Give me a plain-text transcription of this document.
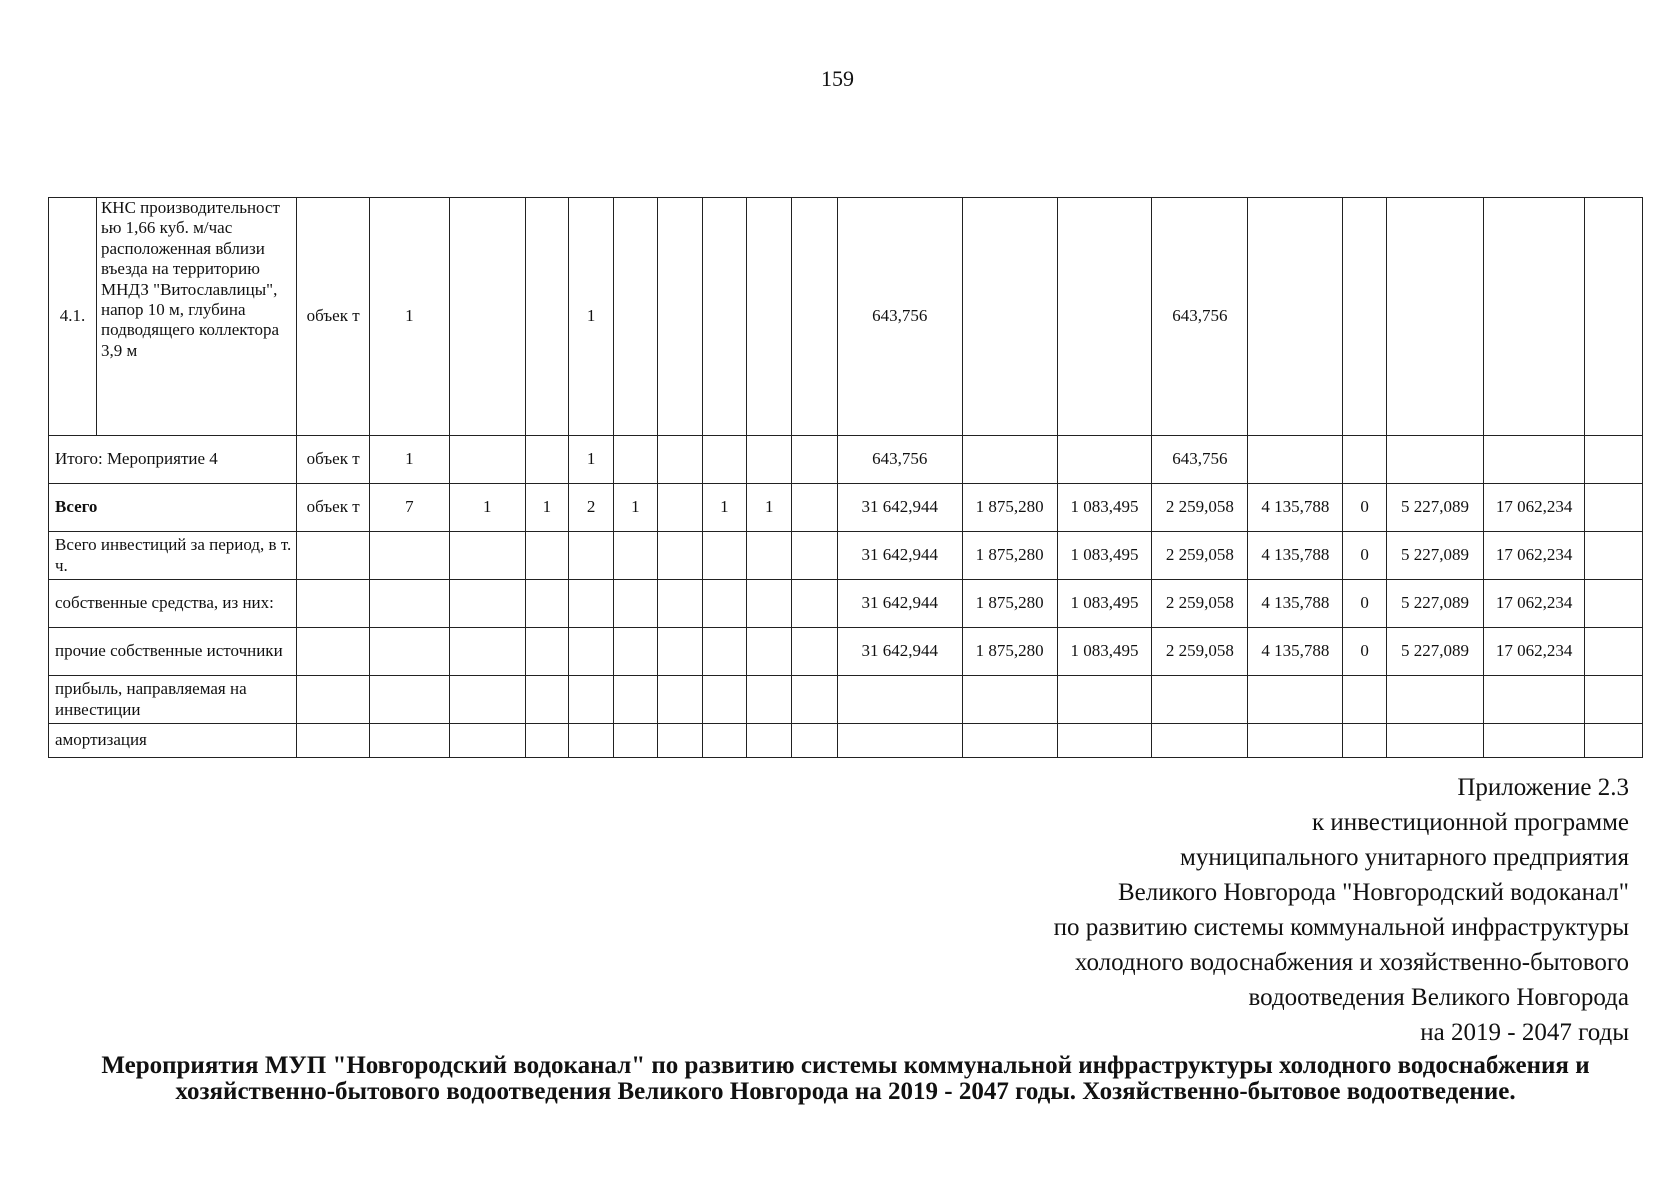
159
4.1.	КНС производительност ью 1,66 куб. м/час расположенная вблизи въезда на территорию МНДЗ "Витославлицы", напор 10 м, глубина подводящего коллектора 3,9 м	объек т	1			1						643,756			643,756					
Итого: Мероприятие 4		объек т	1			1						643,756			643,756					
Всего		объек т	7	1	1	2	1		1	1		31 642,944	1 875,280	1 083,495	2 259,058	4 135,788	0	5 227,089	17 062,234	
Всего инвестиций за период, в т. ч.												31 642,944	1 875,280	1 083,495	2 259,058	4 135,788	0	5 227,089	17 062,234	
собственные средства, из них:												31 642,944	1 875,280	1 083,495	2 259,058	4 135,788	0	5 227,089	17 062,234	
прочие собственные источники												31 642,944	1 875,280	1 083,495	2 259,058	4 135,788	0	5 227,089	17 062,234	
прибыль, направляемая на инвестиции																				
амортизация																				
Приложение 2.3
к инвестиционной программе
муниципального унитарного предприятия
Великого Новгорода "Новгородский водоканал"
по развитию системы коммунальной инфраструктуры
холодного водоснабжения и хозяйственно-бытового
водоотведения Великого Новгорода
на 2019 - 2047 годы
Мероприятия МУП "Новгородский водоканал" по развитию системы коммунальной инфраструктуры холодного водоснабжения и хозяйственно-бытового водоотведения Великого Новгорода на 2019 - 2047 годы. Хозяйственно-бытовое водоотведение.
